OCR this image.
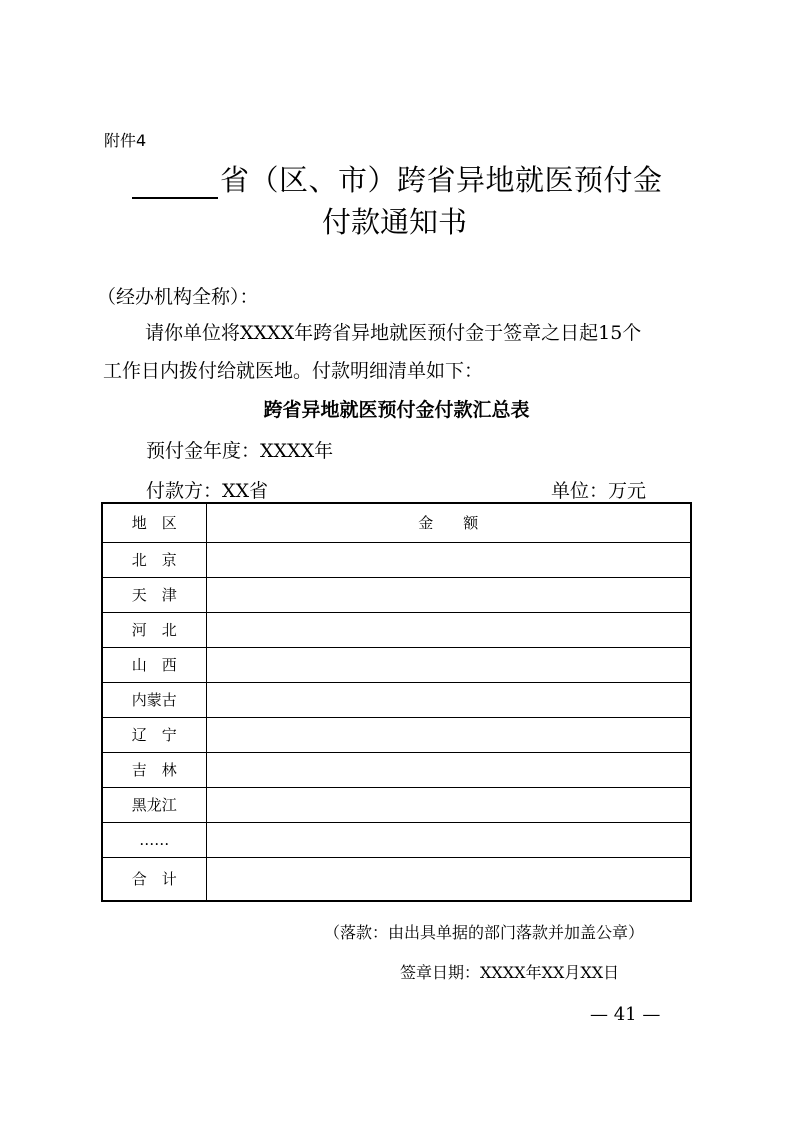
附件4
省（区、市）跨省异地就医预付金
付款通知书
（经办机构全称）：
请你单位将XXXX年跨省异地就医预付金于签章之日起15个
工作日内拨付给就医地。付款明细清单如下：
跨省异地就医预付金付款汇总表
预付金年度：XXXX年
付款方：XX省	单位：万元
地　区	金　　额
北　京	
天　津	
河　北	
山　西	
内蒙古	
辽　宁	
吉　林	
黑龙江	
……	
合　计	
（落款：由出具单据的部门落款并加盖公章）
签章日期：XXXX年XX月XX日
— 41 —
